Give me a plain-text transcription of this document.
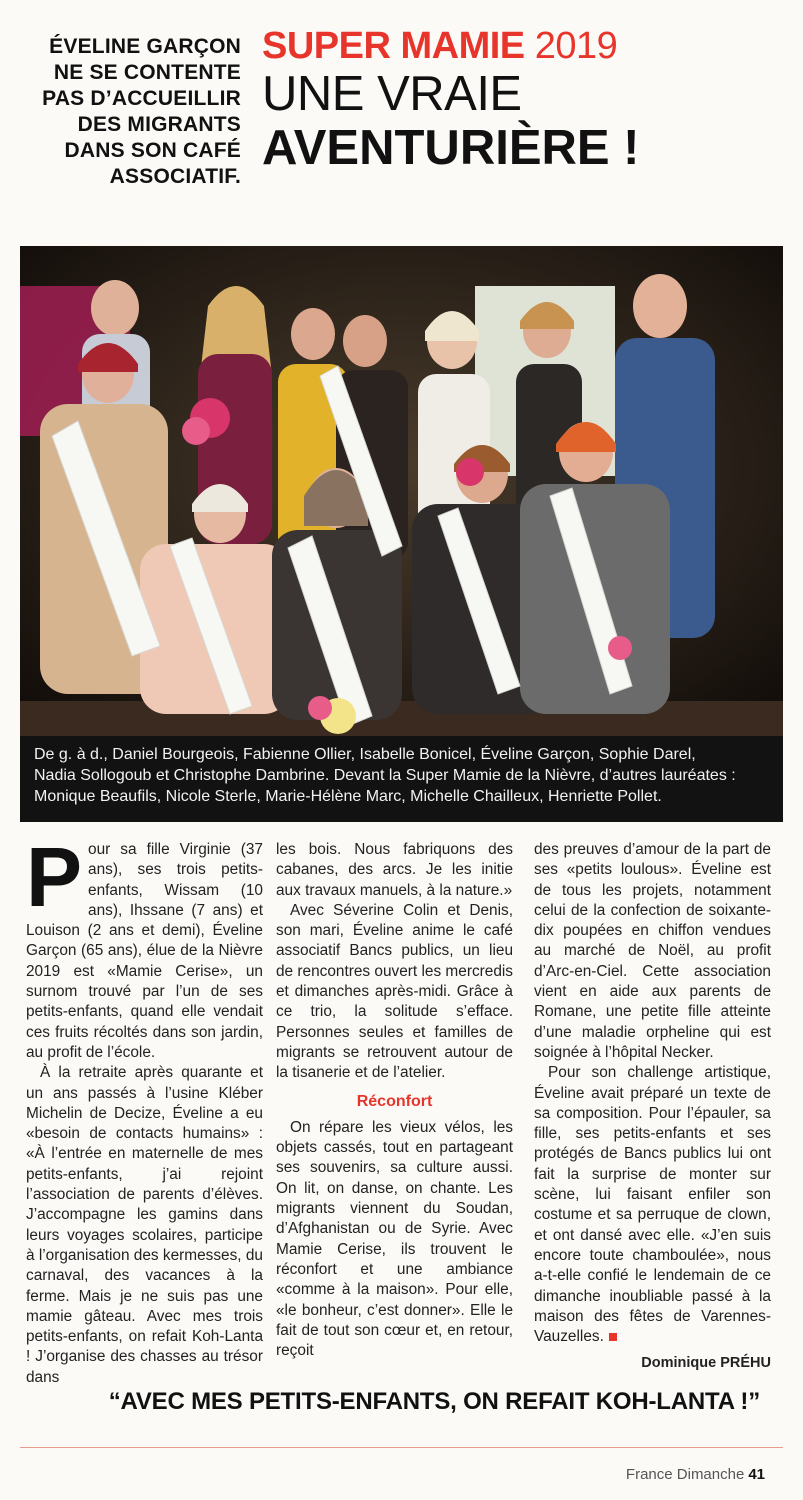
ÉVELINE GARÇON
NE SE CONTENTE
PAS D’ACCUEILLIR
DES MIGRANTS
DANS SON CAFÉ
ASSOCIATIF.
SUPER MAMIE 2019
UNE VRAIE
AVENTURIÈRE !
De g. à d., Daniel Bourgeois, Fabienne Ollier, Isabelle Bonicel, Éveline Garçon, Sophie Darel,
Nadia Sollogoub et Christophe Dambrine. Devant la Super Mamie de la Nièvre, d’autres lauréates :
Monique Beaufils, Nicole Sterle, Marie-Hélène Marc, Michelle Chailleux, Henriette Pollet.

Pour sa fille Virginie (37 ans), ses trois petits-enfants, Wissam (10 ans), Ihssane (7 ans) et Louison (2 ans et demi), Éveline Garçon (65 ans), élue de la Nièvre 2019 est «Mamie Cerise», un surnom trouvé par l’un de ses petits-enfants, quand elle vendait ces fruits récoltés dans son jardin, au profit de l’école.

À la retraite après quarante et un ans passés à l’usine Kléber Michelin de Decize, Éveline a eu «besoin de contacts humains» : «À l’entrée en maternelle de mes petits-enfants, j’ai rejoint l’association de parents d’élèves. J’accompagne les gamins dans leurs voyages scolaires, participe à l’organisation des kermesses, du carnaval, des vacances à la ferme. Mais je ne suis pas une mamie gâteau. Avec mes trois petits-enfants, on refait Koh-Lanta ! J’organise des chasses au trésor dans

les bois. Nous fabriquons des cabanes, des arcs. Je les initie aux travaux manuels, à la nature.»

Avec Séverine Colin et Denis, son mari, Éveline anime le café associatif Bancs publics, un lieu de rencontres ouvert les mercredis et dimanches après-midi. Grâce à ce trio, la solitude s’efface. Personnes seules et familles de migrants se retrouvent autour de la tisanerie et de l’atelier.

Réconfort

On répare les vieux vélos, les objets cassés, tout en partageant ses souvenirs, sa culture aussi. On lit, on danse, on chante. Les migrants viennent du Soudan, d’Afghanistan ou de Syrie. Avec Mamie Cerise, ils trouvent le réconfort et une ambiance «comme à la maison». Pour elle, «le bonheur, c’est donner». Elle le fait de tout son cœur et, en retour, reçoit

des preuves d’amour de la part de ses «petits loulous». Éveline est de tous les projets, notamment celui de la confection de soixante-dix poupées en chiffon vendues au marché de Noël, au profit d’Arc-en-Ciel. Cette association vient en aide aux parents de Romane, une petite fille atteinte d’une maladie orpheline qui est soignée à l’hôpital Necker.

Pour son challenge artistique, Éveline avait préparé un texte de sa composition. Pour l’épauler, sa fille, ses petits-enfants et ses protégés de Bancs publics lui ont fait la surprise de monter sur scène, lui faisant enfiler son costume et sa perruque de clown, et ont dansé avec elle. «J’en suis encore toute chamboulée», nous a-t-elle confié le lendemain de ce dimanche inoubliable passé à la maison des fêtes de Varennes-Vauzelles.

Dominique PRÉHU
“AVEC MES PETITS-ENFANTS, ON REFAIT KOH-LANTA !”
France Dimanche 41
